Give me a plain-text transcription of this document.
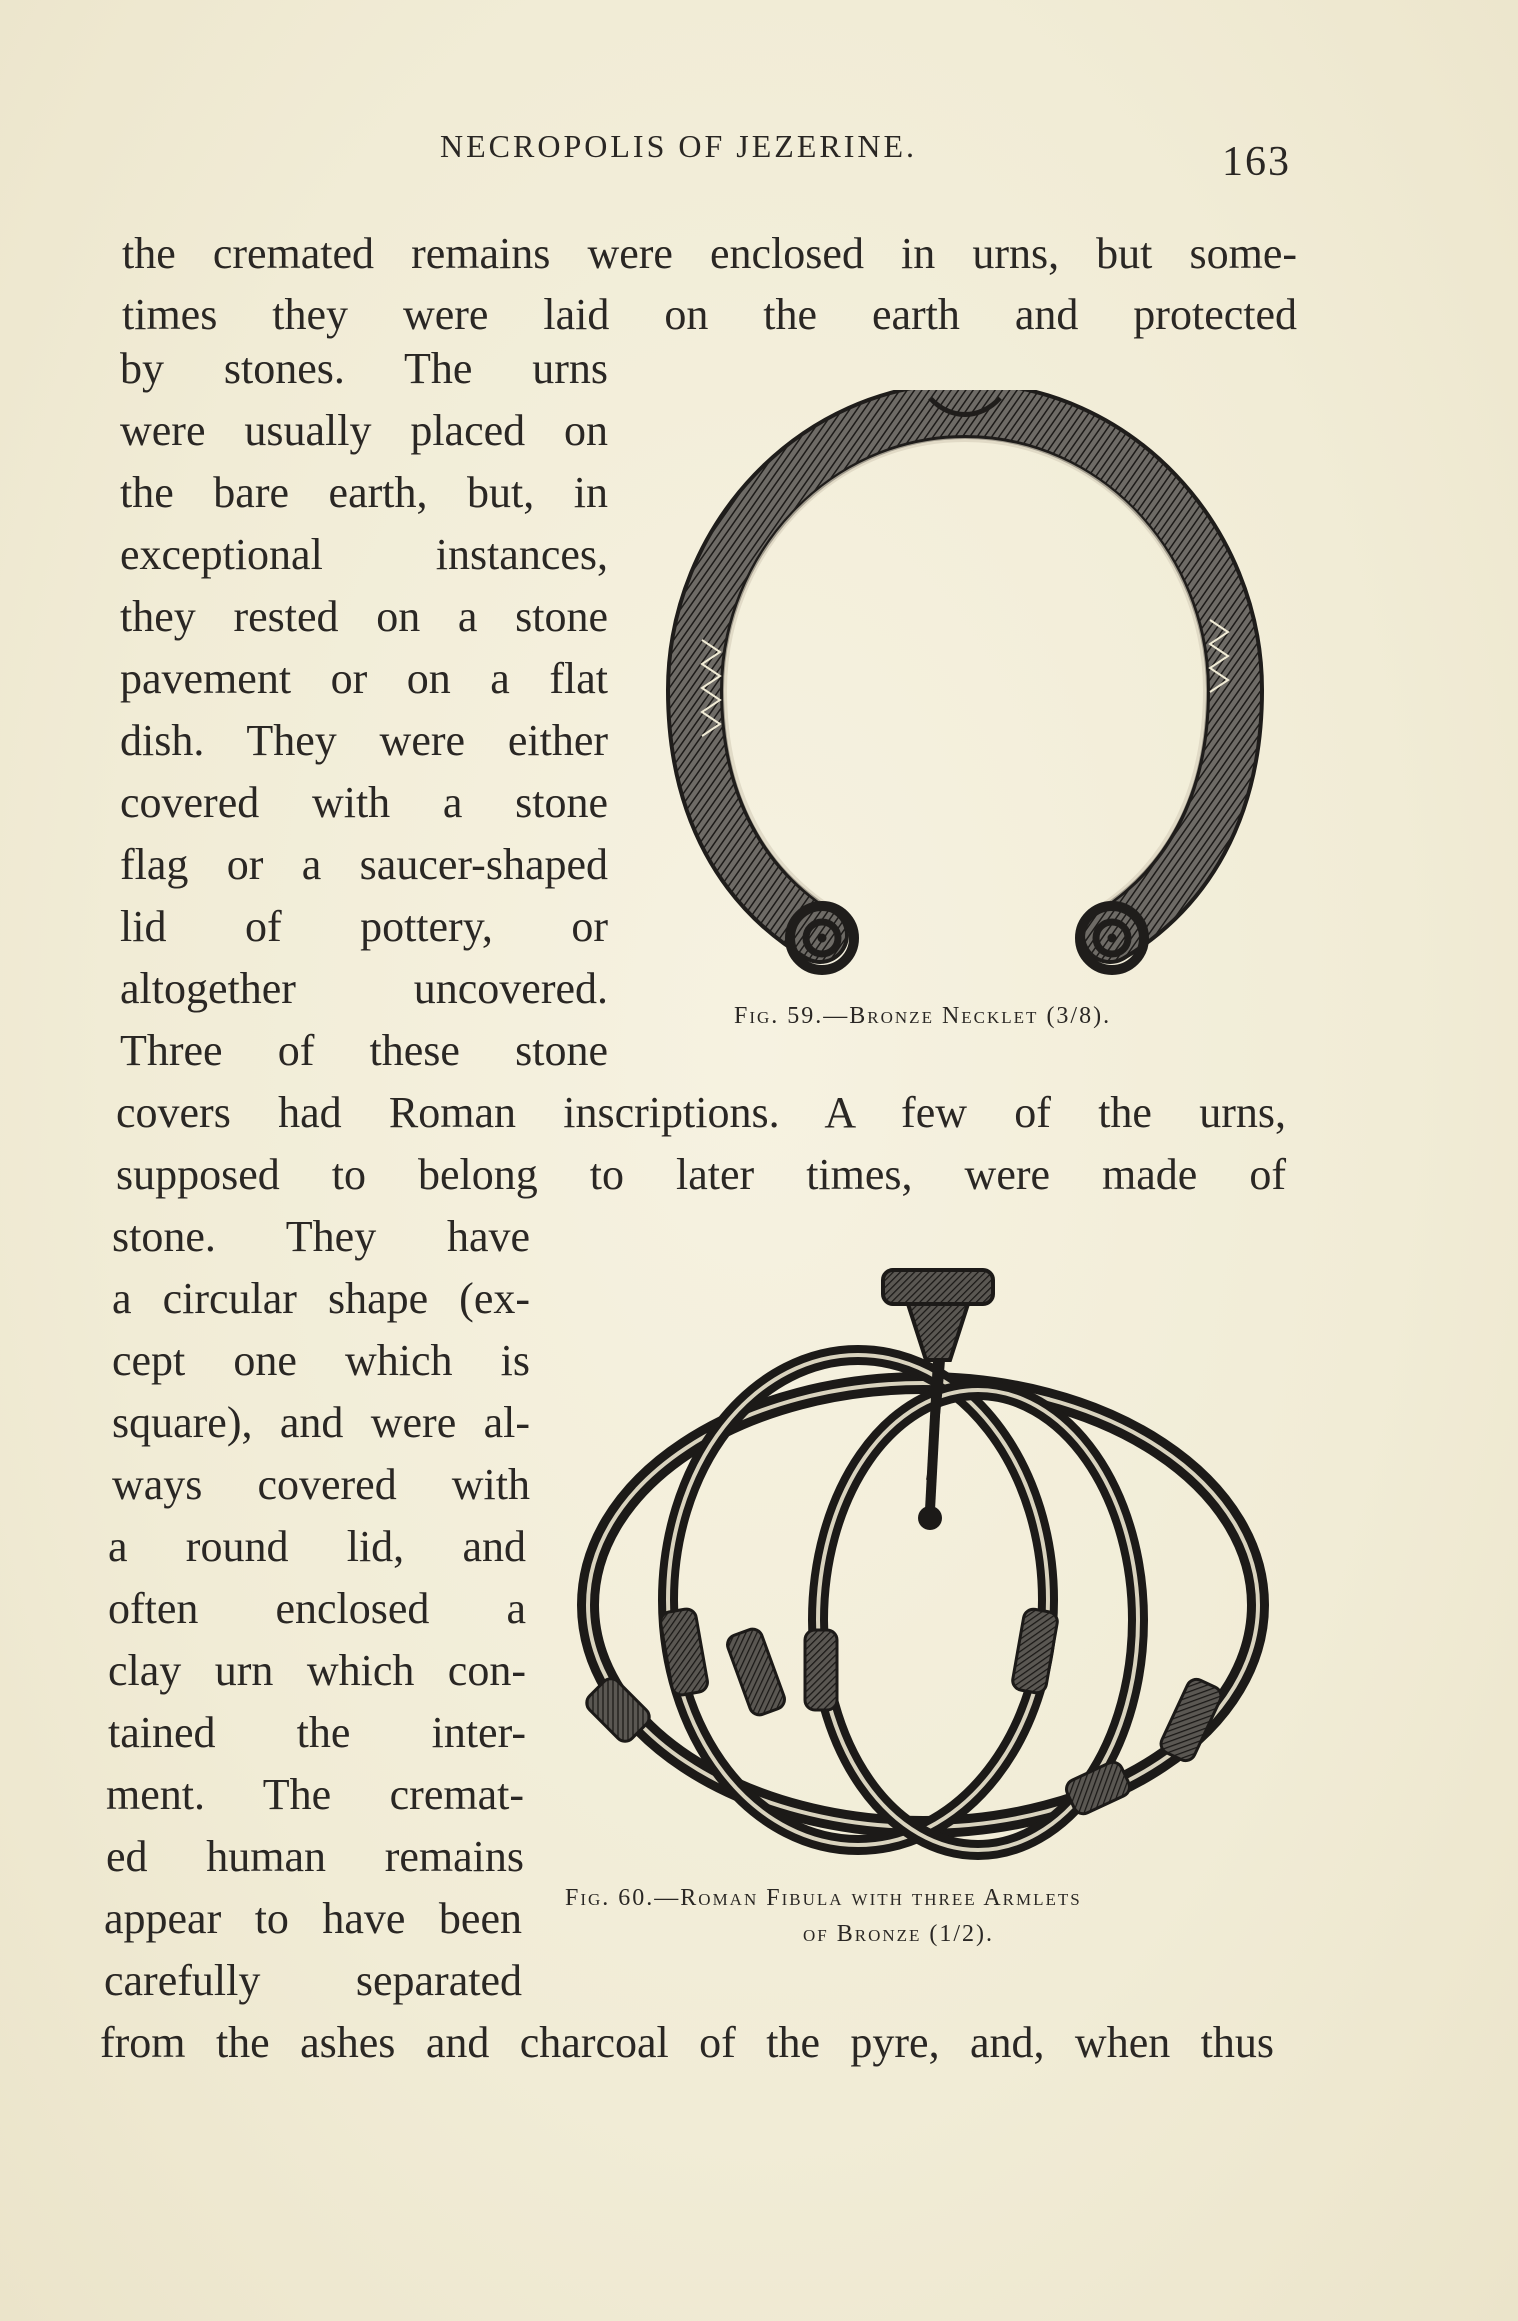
NECROPOLIS OF JEZERINE.	163
the cremated remains were enclosed in urns, but some-
times they were laid on the earth and protected
by stones. The urns
were usually placed on
the bare earth, but, in
exceptional instances,
they rested on a stone
pavement or on a flat
dish. They were either
covered with a stone
flag or a saucer-shaped
lid of pottery, or
altogether uncovered.
Three of these stone
covers had Roman inscriptions. A few of the urns,
supposed to belong to later times, were made of
stone. They have
a circular shape (ex-
cept one which is
square), and were al-
ways covered with
a round lid, and
often enclosed a
clay urn which con-
tained the inter-
ment. The cremat-
ed human remains
appear to have been
carefully separated
from the ashes and charcoal of the pyre, and, when thus
Fig. 59.—Bronze Necklet (3/8).
Fig. 60.—Roman Fibula with three Armlets
of Bronze (1/2).
